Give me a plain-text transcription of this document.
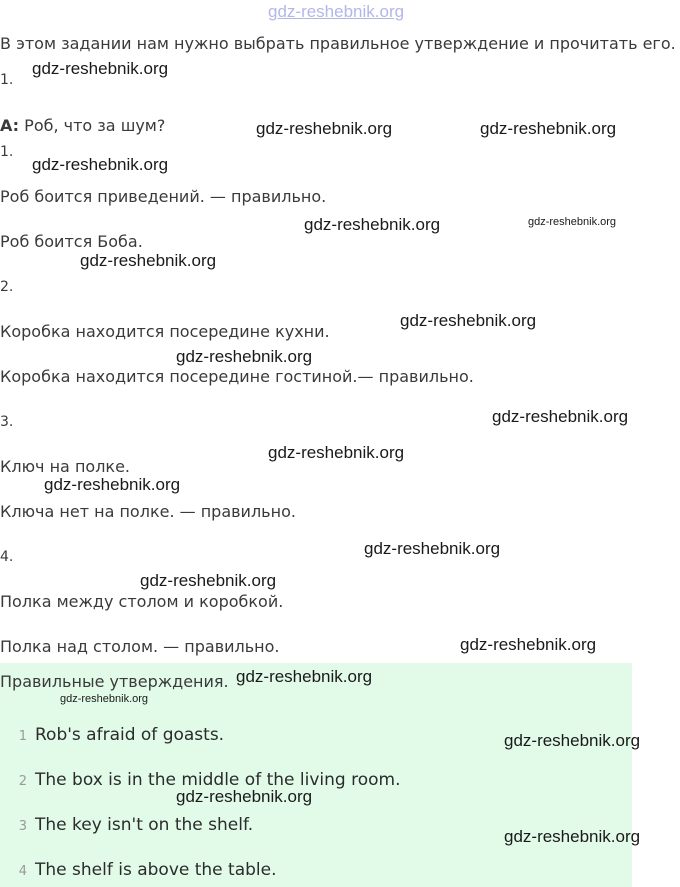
gdz-reshebnik.org
В этом задании нам нужно выбрать правильное утверждение и прочитать его.
1.
A: Роб, что за шум?
1.
Роб боится приведений. — правильно.
Роб боится Боба.
2.
Коробка находится посередине кухни.
Коробка находится посередине гостиной.— правильно.
3.
Ключ на полке.
Ключа нет на полке. — правильно.
4.
Полка между столом и коробкой.
Полка над столом. — правильно.
Правильные утверждения.
1 Rob's afraid of goasts.
2 The box is in the middle of the living room.
3 The key isn't on the shelf.
4 The shelf is above the table.
gdz-reshebnik.org
gdz-reshebnik.org	gdz-reshebnik.org
gdz-reshebnik.org
gdz-reshebnik.org	gdz-reshebnik.org
gdz-reshebnik.org
gdz-reshebnik.org
gdz-reshebnik.org
gdz-reshebnik.org
gdz-reshebnik.org
gdz-reshebnik.org
gdz-reshebnik.org
gdz-reshebnik.org
gdz-reshebnik.org
gdz-reshebnik.org
gdz-reshebnik.org
gdz-reshebnik.org
gdz-reshebnik.org
gdz-reshebnik.org
